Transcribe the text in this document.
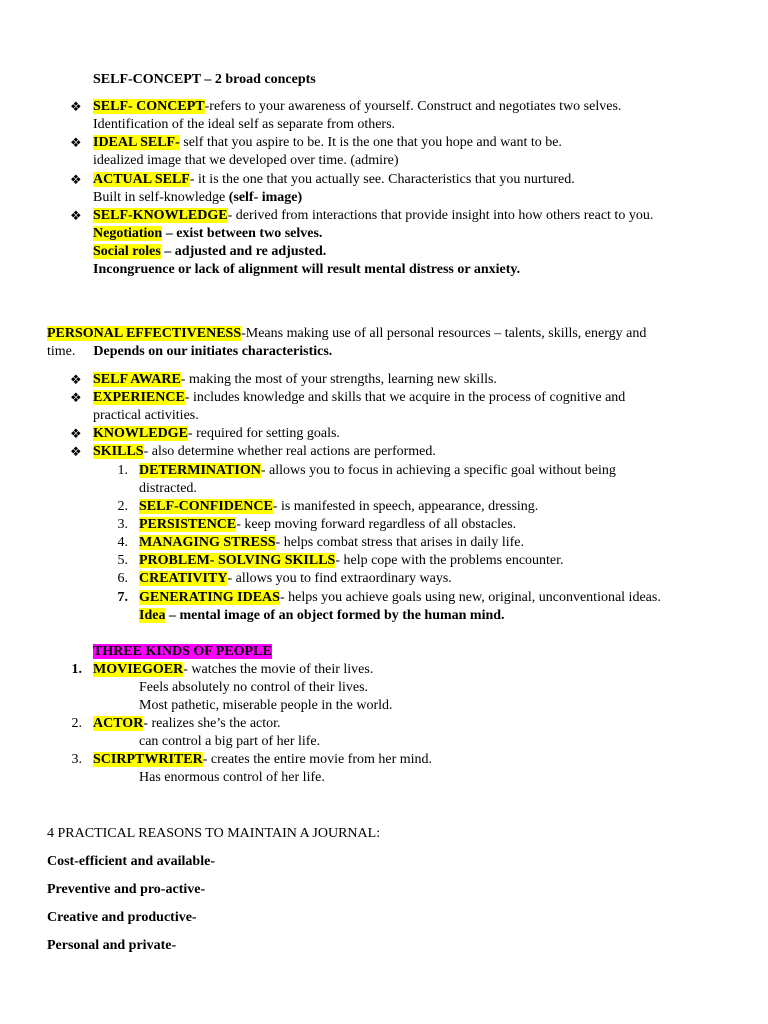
SELF-CONCEPT – 2 broad concepts
❖ SELF- CONCEPT-refers to your awareness of yourself. Construct and negotiates two selves.
Identification of the ideal self as separate from others.
❖ IDEAL SELF- self that you aspire to be. It is the one that you hope and want to be.
idealized image that we developed over time. (admire)
❖ ACTUAL SELF- it is the one that you actually see. Characteristics that you nurtured.
Built in self-knowledge (self- image)
❖ SELF-KNOWLEDGE- derived from interactions that provide insight into how others react to you.
Negotiation – exist between two selves.
Social roles – adjusted and re adjusted.
Incongruence or lack of alignment will result mental distress or anxiety.
PERSONAL EFFECTIVENESS-Means making use of all personal resources – talents, skills, energy and
time. Depends on our initiates characteristics.
❖ SELF AWARE- making the most of your strengths, learning new skills.
❖ EXPERIENCE- includes knowledge and skills that we acquire in the process of cognitive and
practical activities.
❖ KNOWLEDGE- required for setting goals.
❖ SKILLS- also determine whether real actions are performed.
1. DETERMINATION- allows you to focus in achieving a specific goal without being
distracted.
2. SELF-CONFIDENCE- is manifested in speech, appearance, dressing.
3. PERSISTENCE- keep moving forward regardless of all obstacles.
4. MANAGING STRESS- helps combat stress that arises in daily life.
5. PROBLEM- SOLVING SKILLS- help cope with the problems encounter.
6. CREATIVITY- allows you to find extraordinary ways.
7. GENERATING IDEAS- helps you achieve goals using new, original, unconventional ideas.
Idea – mental image of an object formed by the human mind.
THREE KINDS OF PEOPLE
1. MOVIEGOER- watches the movie of their lives.
Feels absolutely no control of their lives.
Most pathetic, miserable people in the world.
2. ACTOR- realizes she’s the actor.
can control a big part of her life.
3. SCIRPTWRITER- creates the entire movie from her mind.
Has enormous control of her life.
4 PRACTICAL REASONS TO MAINTAIN A JOURNAL:
Cost-efficient and available-
Preventive and pro-active-
Creative and productive-
Personal and private-
